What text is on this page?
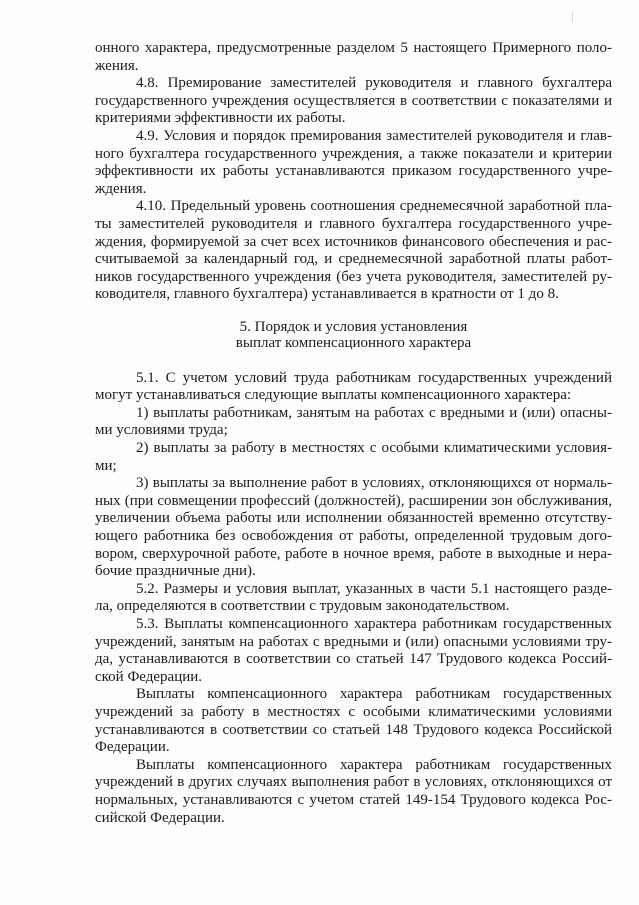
онного характера, предусмотренные разделом 5 настоящего Примерного поло-
жения.
4.8. Премирование заместителей руководителя и главного бухгалтера
государственного учреждения осуществляется в соответствии с показателями и
критериями эффективности их работы.
4.9. Условия и порядок премирования заместителей руководителя и глав-
ного бухгалтера государственного учреждения, а также показатели и критерии
эффективности их работы устанавливаются приказом государственного учре-
ждения.
4.10. Предельный уровень соотношения среднемесячной заработной пла-
ты заместителей руководителя и главного бухгалтера государственного учре-
ждения, формируемой за счет всех источников финансового обеспечения и рас-
считываемой за календарный год, и среднемесячной заработной платы работ-
ников государственного учреждения (без учета руководителя, заместителей ру-
ководителя, главного бухгалтера) устанавливается в кратности от 1 до 8.
5. Порядок и условия установления
выплат компенсационного характера
5.1. С учетом условий труда работникам государственных учреждений
могут устанавливаться следующие выплаты компенсационного характера:
1) выплаты работникам, занятым на работах с вредными и (или) опасны-
ми условиями труда;
2) выплаты за работу в местностях с особыми климатическими условия-
ми;
3) выплаты за выполнение работ в условиях, отклоняющихся от нормаль-
ных (при совмещении профессий (должностей), расширении зон обслуживания,
увеличении объема работы или исполнении обязанностей временно отсутству-
ющего работника без освобождения от работы, определенной трудовым дого-
вором, сверхурочной работе, работе в ночное время, работе в выходные и нера-
бочие праздничные дни).
5.2. Размеры и условия выплат, указанных в части 5.1 настоящего разде-
ла, определяются в соответствии с трудовым законодательством.
5.3. Выплаты компенсационного характера работникам государственных
учреждений, занятым на работах с вредными и (или) опасными условиями тру-
да, устанавливаются в соответствии со статьей 147 Трудового кодекса Россий-
ской Федерации.
Выплаты компенсационного характера работникам государственных
учреждений за работу в местностях с особыми климатическими условиями
устанавливаются в соответствии со статьей 148 Трудового кодекса Российской
Федерации.
Выплаты компенсационного характера работникам государственных
учреждений в других случаях выполнения работ в условиях, отклоняющихся от
нормальных, устанавливаются с учетом статей 149-154 Трудового кодекса Рос-
сийской Федерации.
